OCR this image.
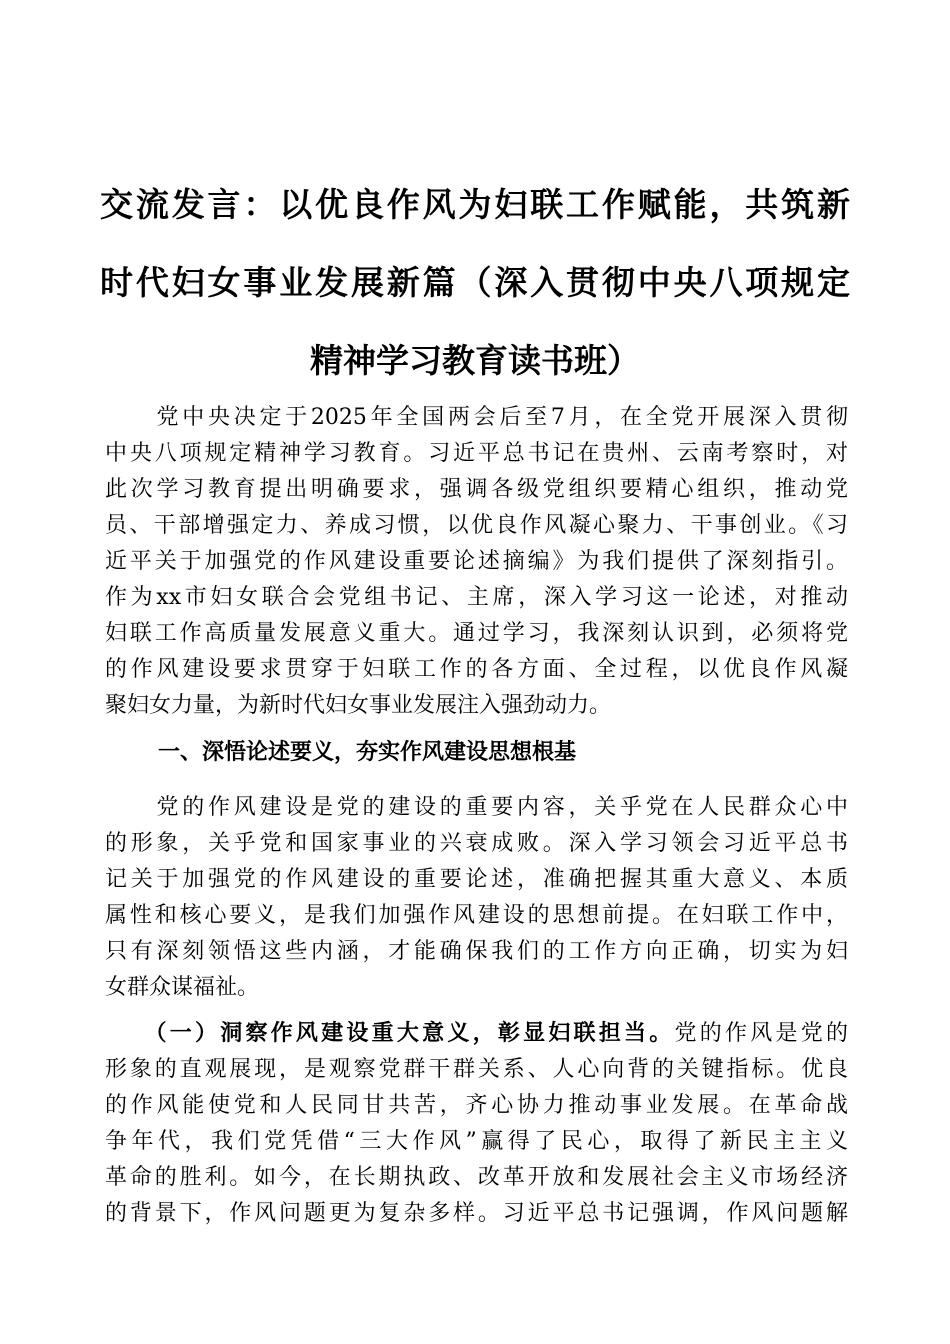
交流发言：以优良作风为妇联工作赋能，共筑新
时代妇女事业发展新篇（深入贯彻中央八项规定
精神学习教育读书班）
　　党中央决定于2025年全国两会后至7月，在全党开展深入贯彻
中央八项规定精神学习教育。习近平总书记在贵州、云南考察时，对
此次学习教育提出明确要求，强调各级党组织要精心组织，推动党
员、干部增强定力、养成习惯，以优良作风凝心聚力、干事创业。《习
近平关于加强党的作风建设重要论述摘编》为我们提供了深刻指引。
作为xx市妇女联合会党组书记、主席，深入学习这一论述，对推动
妇联工作高质量发展意义重大。通过学习，我深刻认识到，必须将党
的作风建设要求贯穿于妇联工作的各方面、全过程，以优良作风凝
聚妇女力量，为新时代妇女事业发展注入强劲动力。
一、深悟论述要义，夯实作风建设思想根基
　　党的作风建设是党的建设的重要内容，关乎党在人民群众心中
的形象，关乎党和国家事业的兴衰成败。深入学习领会习近平总书
记关于加强党的作风建设的重要论述，准确把握其重大意义、本质
属性和核心要义，是我们加强作风建设的思想前提。在妇联工作中，
只有深刻领悟这些内涵，才能确保我们的工作方向正确，切实为妇
女群众谋福祉。
　　（一）洞察作风建设重大意义，彰显妇联担当。党的作风是党的
形象的直观展现，是观察党群干群关系、人心向背的关键指标。优良
的作风能使党和人民同甘共苦，齐心协力推动事业发展。在革命战
争年代，我们党凭借“三大作风”赢得了民心，取得了新民主主义
革命的胜利。如今，在长期执政、改革开放和发展社会主义市场经济
的背景下，作风问题更为复杂多样。习近平总书记强调，作风问题解
